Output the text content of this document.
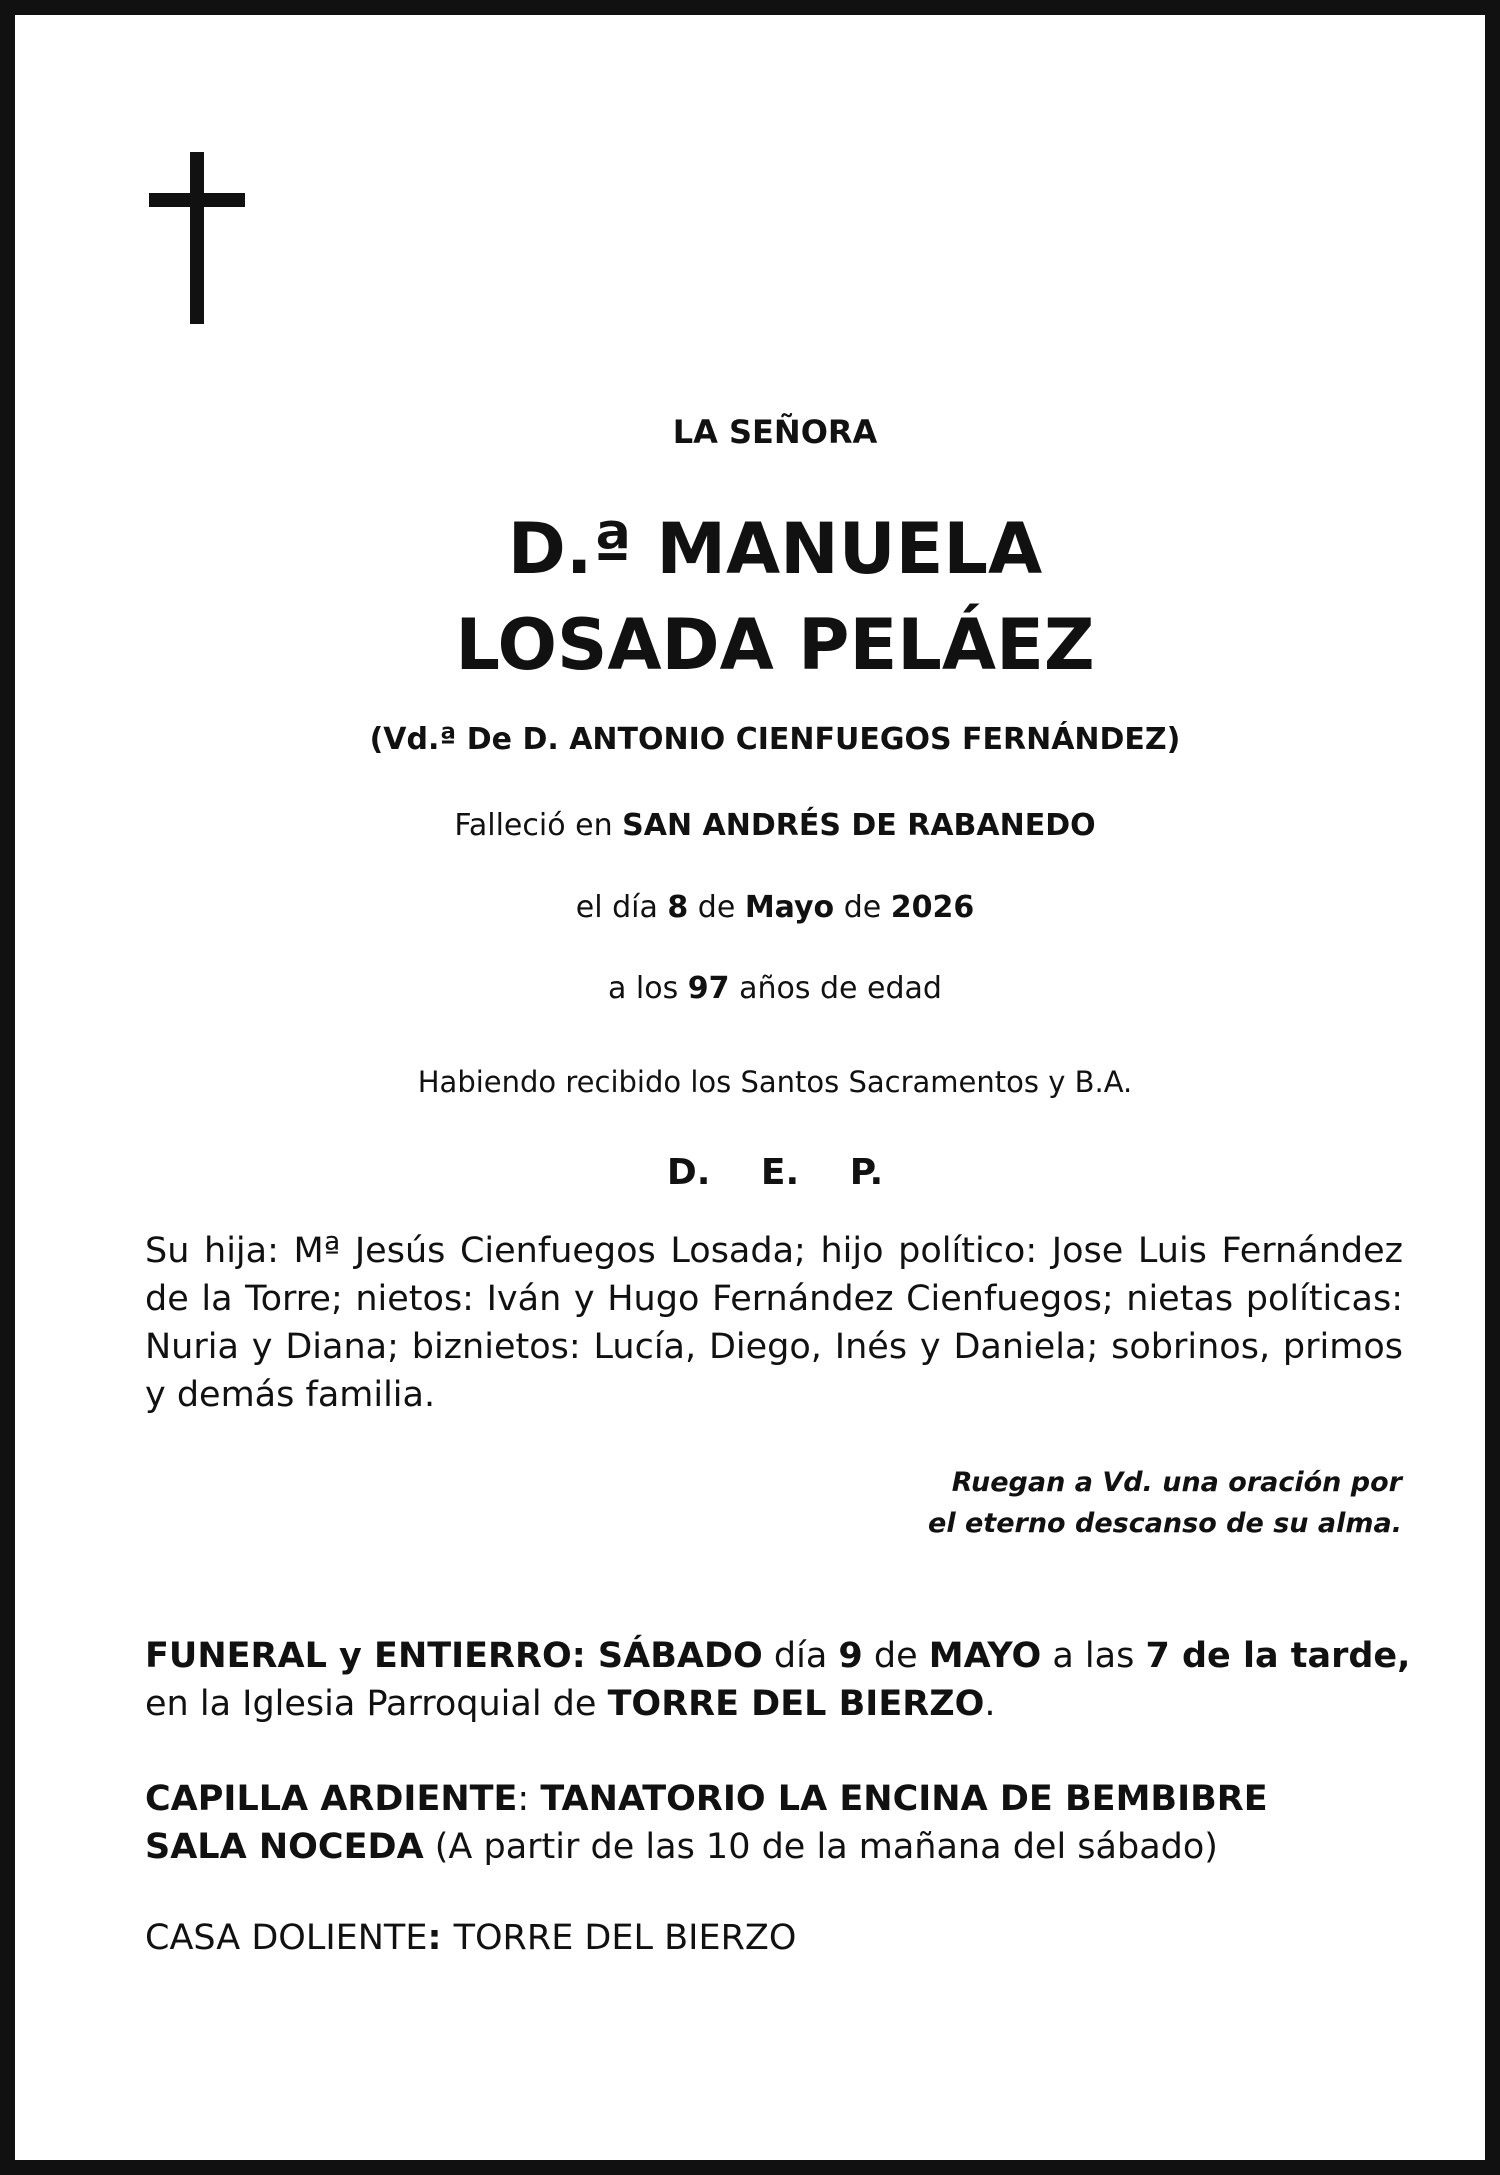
LA SEÑORA
D.ª MANUELA
LOSADA PELÁEZ
(Vd.ª De D. ANTONIO CIENFUEGOS FERNÁNDEZ)
Falleció en SAN ANDRÉS DE RABANEDO
el día 8 de Mayo de 2026
a los 97 años de edad
Habiendo recibido los Santos Sacramentos y B.A.
D. E. P.
Su hija: Mª Jesús Cienfuegos Losada; hijo político: Jose Luis Fernández de la Torre; nietos: Iván y Hugo Fernández Cienfuegos; nietas políticas: Nuria y Diana; biznietos: Lucía, Diego, Inés y Daniela; sobrinos, primos y demás familia.
Ruegan a Vd. una oración por
el eterno descanso de su alma.
FUNERAL y ENTIERRO: SÁBADO día 9 de MAYO a las 7 de la tarde, en la Iglesia Parroquial de TORRE DEL BIERZO.
CAPILLA ARDIENTE: TANATORIO LA ENCINA DE BEMBIBRE
SALA NOCEDA (A partir de las 10 de la mañana del sábado)
CASA DOLIENTE: TORRE DEL BIERZO
